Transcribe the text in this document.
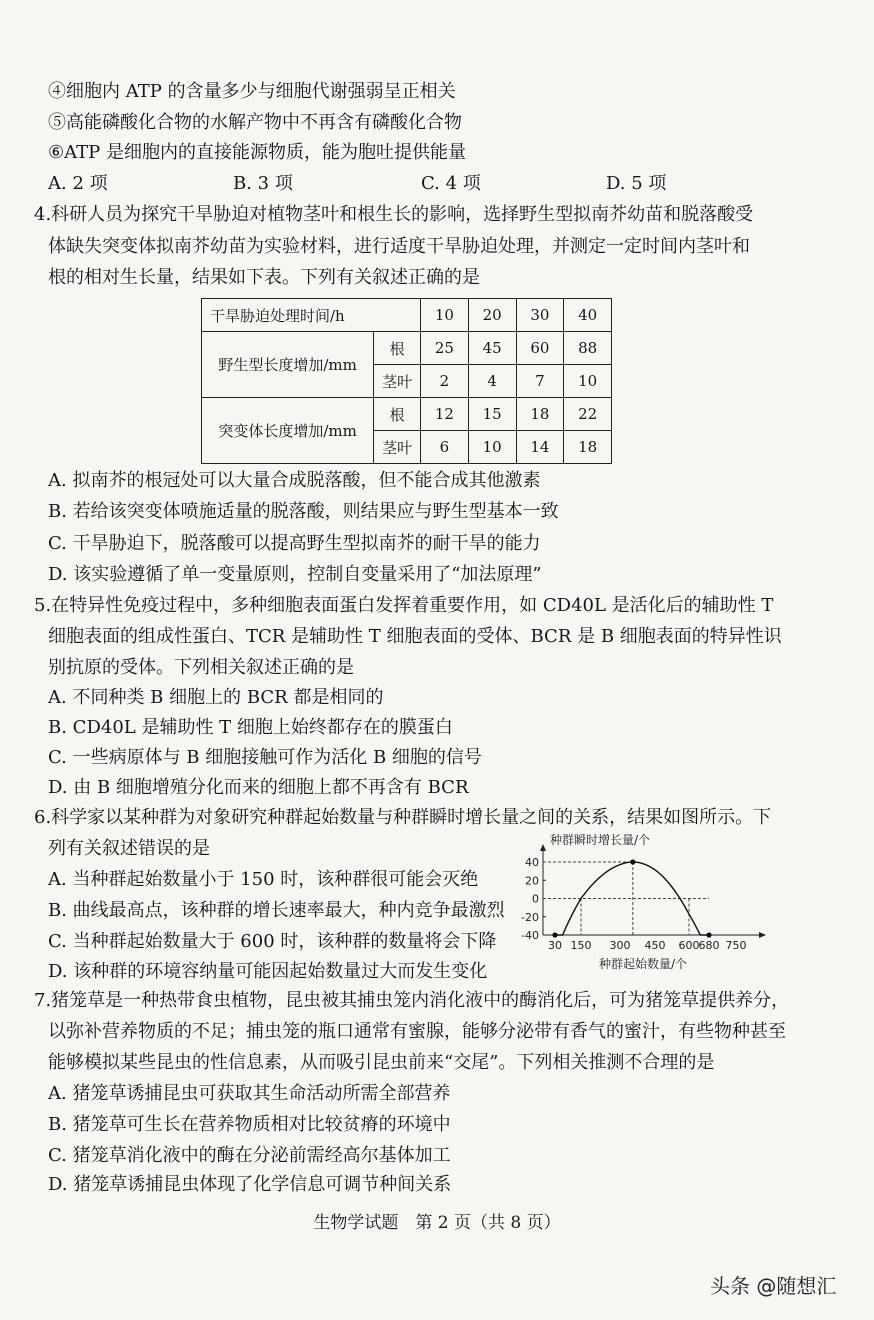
④细胞内 ATP 的含量多少与细胞代谢强弱呈正相关
⑤高能磷酸化合物的水解产物中不再含有磷酸化合物
⑥ATP 是细胞内的直接能源物质，能为胞吐提供能量
A. 2 项	B. 3 项	C. 4 项	D. 5 项
4.科研人员为探究干旱胁迫对植物茎叶和根生长的影响，选择野生型拟南芥幼苗和脱落酸受
体缺失突变体拟南芥幼苗为实验材料，进行适度干旱胁迫处理，并测定一定时间内茎叶和
根的相对生长量，结果如下表。下列有关叙述正确的是
干旱胁迫处理时间/h		10	20	30	40
野生型长度增加/mm	根	25	45	60	88
	茎叶	2	4	7	10
突变体长度增加/mm	根	12	15	18	22
	茎叶	6	10	14	18
A. 拟南芥的根冠处可以大量合成脱落酸，但不能合成其他激素
B. 若给该突变体喷施适量的脱落酸，则结果应与野生型基本一致
C. 干旱胁迫下，脱落酸可以提高野生型拟南芥的耐干旱的能力
D. 该实验遵循了单一变量原则，控制自变量采用了“加法原理”
5.在特异性免疫过程中，多种细胞表面蛋白发挥着重要作用，如 CD40L 是活化后的辅助性 T
细胞表面的组成性蛋白、TCR 是辅助性 T 细胞表面的受体、BCR 是 B 细胞表面的特异性识
别抗原的受体。下列相关叙述正确的是
A. 不同种类 B 细胞上的 BCR 都是相同的
B. CD40L 是辅助性 T 细胞上始终都存在的膜蛋白
C. 一些病原体与 B 细胞接触可作为活化 B 细胞的信号
D. 由 B 细胞增殖分化而来的细胞上都不再含有 BCR
6.科学家以某种群为对象研究种群起始数量与种群瞬时增长量之间的关系，结果如图所示。下
列有关叙述错误的是
A. 当种群起始数量小于 150 时，该种群很可能会灭绝
B. 曲线最高点，该种群的增长速率最大，种内竞争最激烈
C. 当种群起始数量大于 600 时，该种群的数量将会下降
D. 该种群的环境容纳量可能因起始数量过大而发生变化
40
20
0
-20
-40
30 150 300 450 600 680 750
种群瞬时增长量/个
种群起始数量/个
7.猪笼草是一种热带食虫植物，昆虫被其捕虫笼内消化液中的酶消化后，可为猪笼草提供养分，
以弥补营养物质的不足；捕虫笼的瓶口通常有蜜腺，能够分泌带有香气的蜜汁，有些物种甚至
能够模拟某些昆虫的性信息素，从而吸引昆虫前来“交尾”。下列相关推测不合理的是
A. 猪笼草诱捕昆虫可获取其生命活动所需全部营养
B. 猪笼草可生长在营养物质相对比较贫瘠的环境中
C. 猪笼草消化液中的酶在分泌前需经高尔基体加工
D. 猪笼草诱捕昆虫体现了化学信息可调节种间关系
生物学试题　第 2 页（共 8 页）
头条 @随想汇
